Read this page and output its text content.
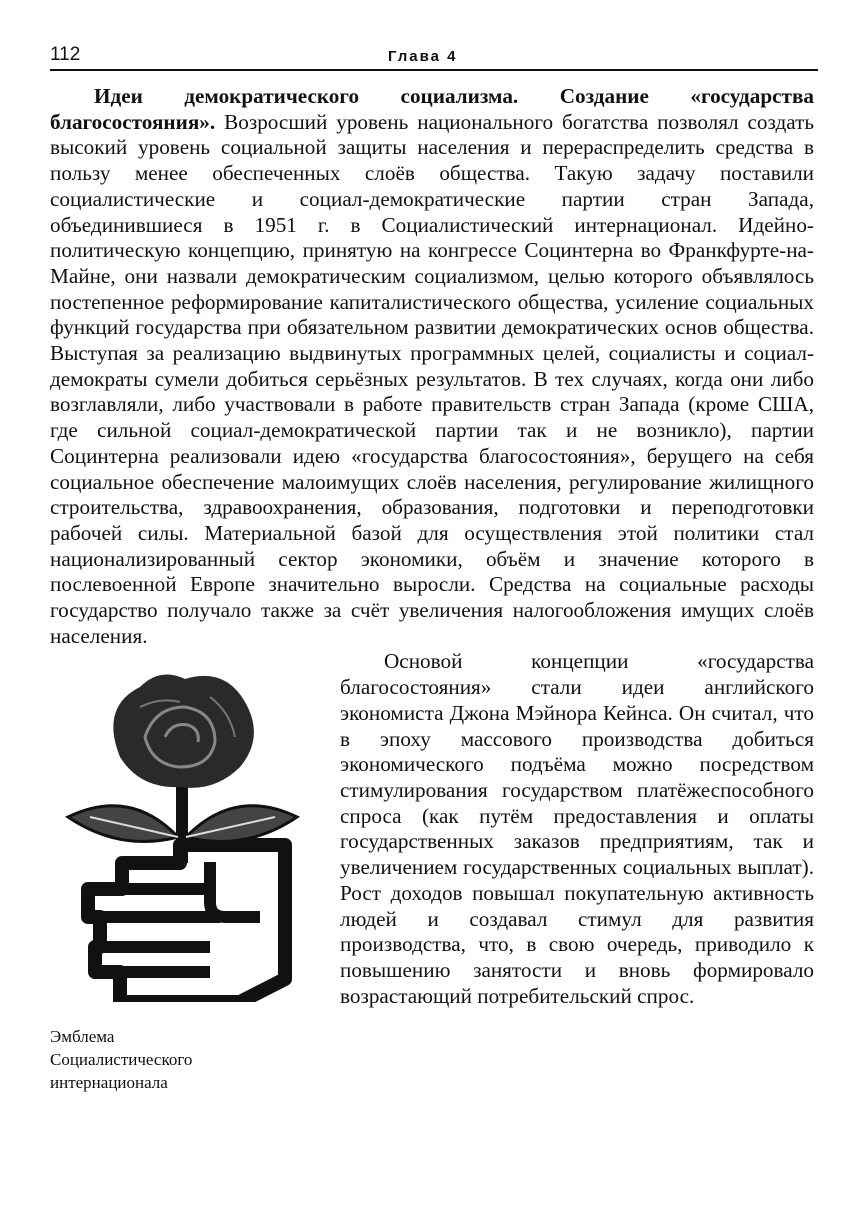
112	Глава 4

Идеи демократического социализма. Создание «государства благосостояния». Возросший уровень национального богатства позволял создать высокий уровень социальной защиты населения и перераспределить средства в пользу менее обеспеченных слоёв общества. Такую задачу поставили социалистические и социал-демократические партии стран Запада, объединившиеся в 1951 г. в Социалистический интернационал. Идейно-политическую концепцию, принятую на конгрессе Социнтерна во Франкфурте-на-Майне, они назвали демократическим социализмом, целью которого объявлялось постепенное реформирование капиталистического общества, усиление социальных функций государства при обязательном развитии демократических основ общества. Выступая за реализацию выдвинутых программных целей, социалисты и социал-демократы сумели добиться серьёзных результатов. В тех случаях, когда они либо возглавляли, либо участвовали в работе правительств стран Запада (кроме США, где сильной социал-демократической партии так и не возникло), партии Социнтерна реализовали идею «государства благосостояния», берущего на себя социальное обеспечение малоимущих слоёв населения, регулирование жилищного строительства, здравоохранения, образования, подготовки и переподготовки рабочей силы. Материальной базой для осуществления этой политики стал национализированный сектор экономики, объём и значение которого в послевоенной Европе значительно выросли. Средства на социальные расходы государство получало также за счёт увеличения налогообложения имущих слоёв населения.

Эмблема
Социалистического
интернационала

Основой концепции «государства благосостояния» стали идеи английского экономиста Джона Мэйнора Кейнса. Он считал, что в эпоху массового производства добиться экономического подъёма можно посредством стимулирования государством платёжеспособного спроса (как путём предоставления и оплаты государственных заказов предприятиям, так и увеличением государственных социальных выплат). Рост доходов повышал покупательную активность людей и создавал стимул для развития производства, что, в свою очередь, приводило к повышению занятости и вновь формировало возрастающий потребительский спрос.
